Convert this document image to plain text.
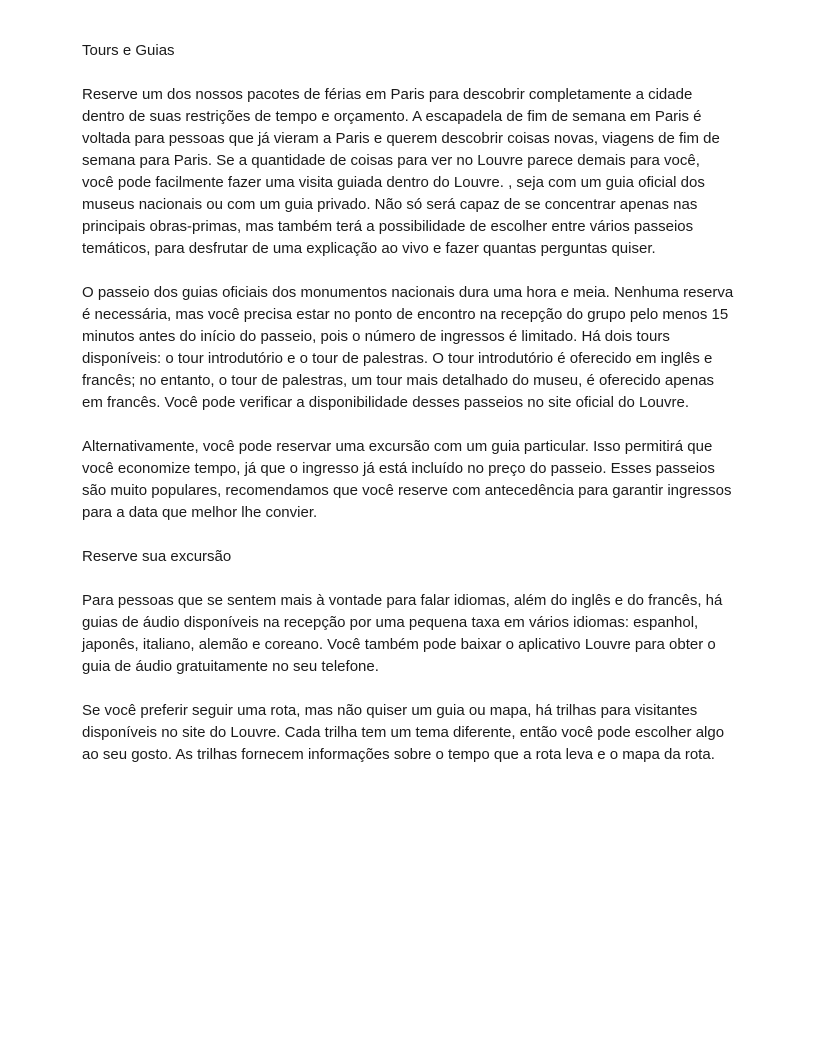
Tours e Guias

Reserve um dos nossos pacotes de férias em Paris para descobrir completamente a cidade dentro de suas restrições de tempo e orçamento. A escapadela de fim de semana em Paris é voltada para pessoas que já vieram a Paris e querem descobrir coisas novas, viagens de fim de semana para Paris. Se a quantidade de coisas para ver no Louvre parece demais para você, você pode facilmente fazer uma visita guiada dentro do Louvre. , seja com um guia oficial dos museus nacionais ou com um guia privado. Não só será capaz de se concentrar apenas nas principais obras-primas, mas também terá a possibilidade de escolher entre vários passeios temáticos, para desfrutar de uma explicação ao vivo e fazer quantas perguntas quiser.

O passeio dos guias oficiais dos monumentos nacionais dura uma hora e meia. Nenhuma reserva é necessária, mas você precisa estar no ponto de encontro na recepção do grupo pelo menos 15 minutos antes do início do passeio, pois o número de ingressos é limitado. Há dois tours disponíveis: o tour introdutório e o tour de palestras. O tour introdutório é oferecido em inglês e francês; no entanto, o tour de palestras, um tour mais detalhado do museu, é oferecido apenas em francês. Você pode verificar a disponibilidade desses passeios no site oficial do Louvre.

Alternativamente, você pode reservar uma excursão com um guia particular. Isso permitirá que você economize tempo, já que o ingresso já está incluído no preço do passeio. Esses passeios são muito populares, recomendamos que você reserve com antecedência para garantir ingressos para a data que melhor lhe convier.

Reserve sua excursão

Para pessoas que se sentem mais à vontade para falar idiomas, além do inglês e do francês, há guias de áudio disponíveis na recepção por uma pequena taxa em vários idiomas: espanhol, japonês, italiano, alemão e coreano. Você também pode baixar o aplicativo Louvre para obter o guia de áudio gratuitamente no seu telefone.

Se você preferir seguir uma rota, mas não quiser um guia ou mapa, há trilhas para visitantes disponíveis no site do Louvre. Cada trilha tem um tema diferente, então você pode escolher algo ao seu gosto. As trilhas fornecem informações sobre o tempo que a rota leva e o mapa da rota.
